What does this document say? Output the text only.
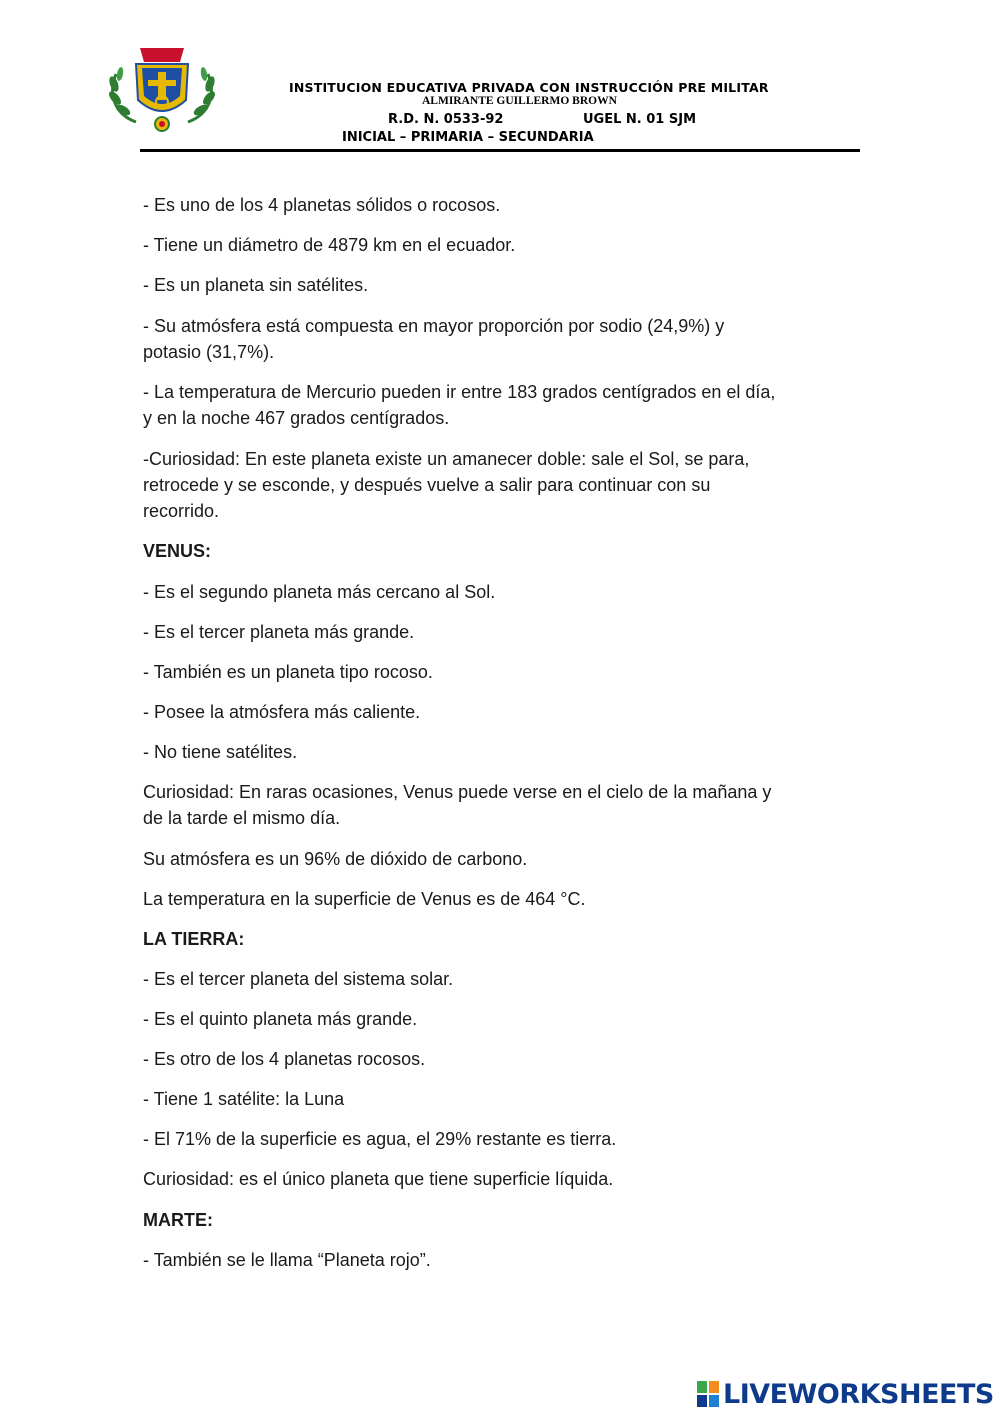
INSTITUCION EDUCATIVA PRIVADA CON INSTRUCCIÓN PRE MILITAR
ALMIRANTE GUILLERMO BROWN
R.D. N. 0533-92	UGEL N. 01 SJM
INICIAL – PRIMARIA – SECUNDARIA
- Es uno de los 4 planetas sólidos o rocosos.
- Tiene un diámetro de 4879 km en el ecuador.
- Es un planeta sin satélites.
- Su atmósfera está compuesta en mayor proporción por sodio (24,9%) y
potasio (31,7%).
- La temperatura de Mercurio pueden ir entre 183 grados centígrados en el día,
y en la noche 467 grados centígrados.
-Curiosidad: En este planeta existe un amanecer doble: sale el Sol, se para,
retrocede y se esconde, y después vuelve a salir para continuar con su
recorrido.
VENUS:
- Es el segundo planeta más cercano al Sol.
- Es el tercer planeta más grande.
- También es un planeta tipo rocoso.
- Posee la atmósfera más caliente.
- No tiene satélites.
Curiosidad: En raras ocasiones, Venus puede verse en el cielo de la mañana y
de la tarde el mismo día.
Su atmósfera es un 96% de dióxido de carbono.
La temperatura en la superficie de Venus es de 464 °C.
LA TIERRA:
- Es el tercer planeta del sistema solar.
- Es el quinto planeta más grande.
- Es otro de los 4 planetas rocosos.
- Tiene 1 satélite: la Luna
- El 71% de la superficie es agua, el 29% restante es tierra.
Curiosidad: es el único planeta que tiene superficie líquida.
MARTE:
- También se le llama “Planeta rojo”.
LIVEWORKSHEETS
